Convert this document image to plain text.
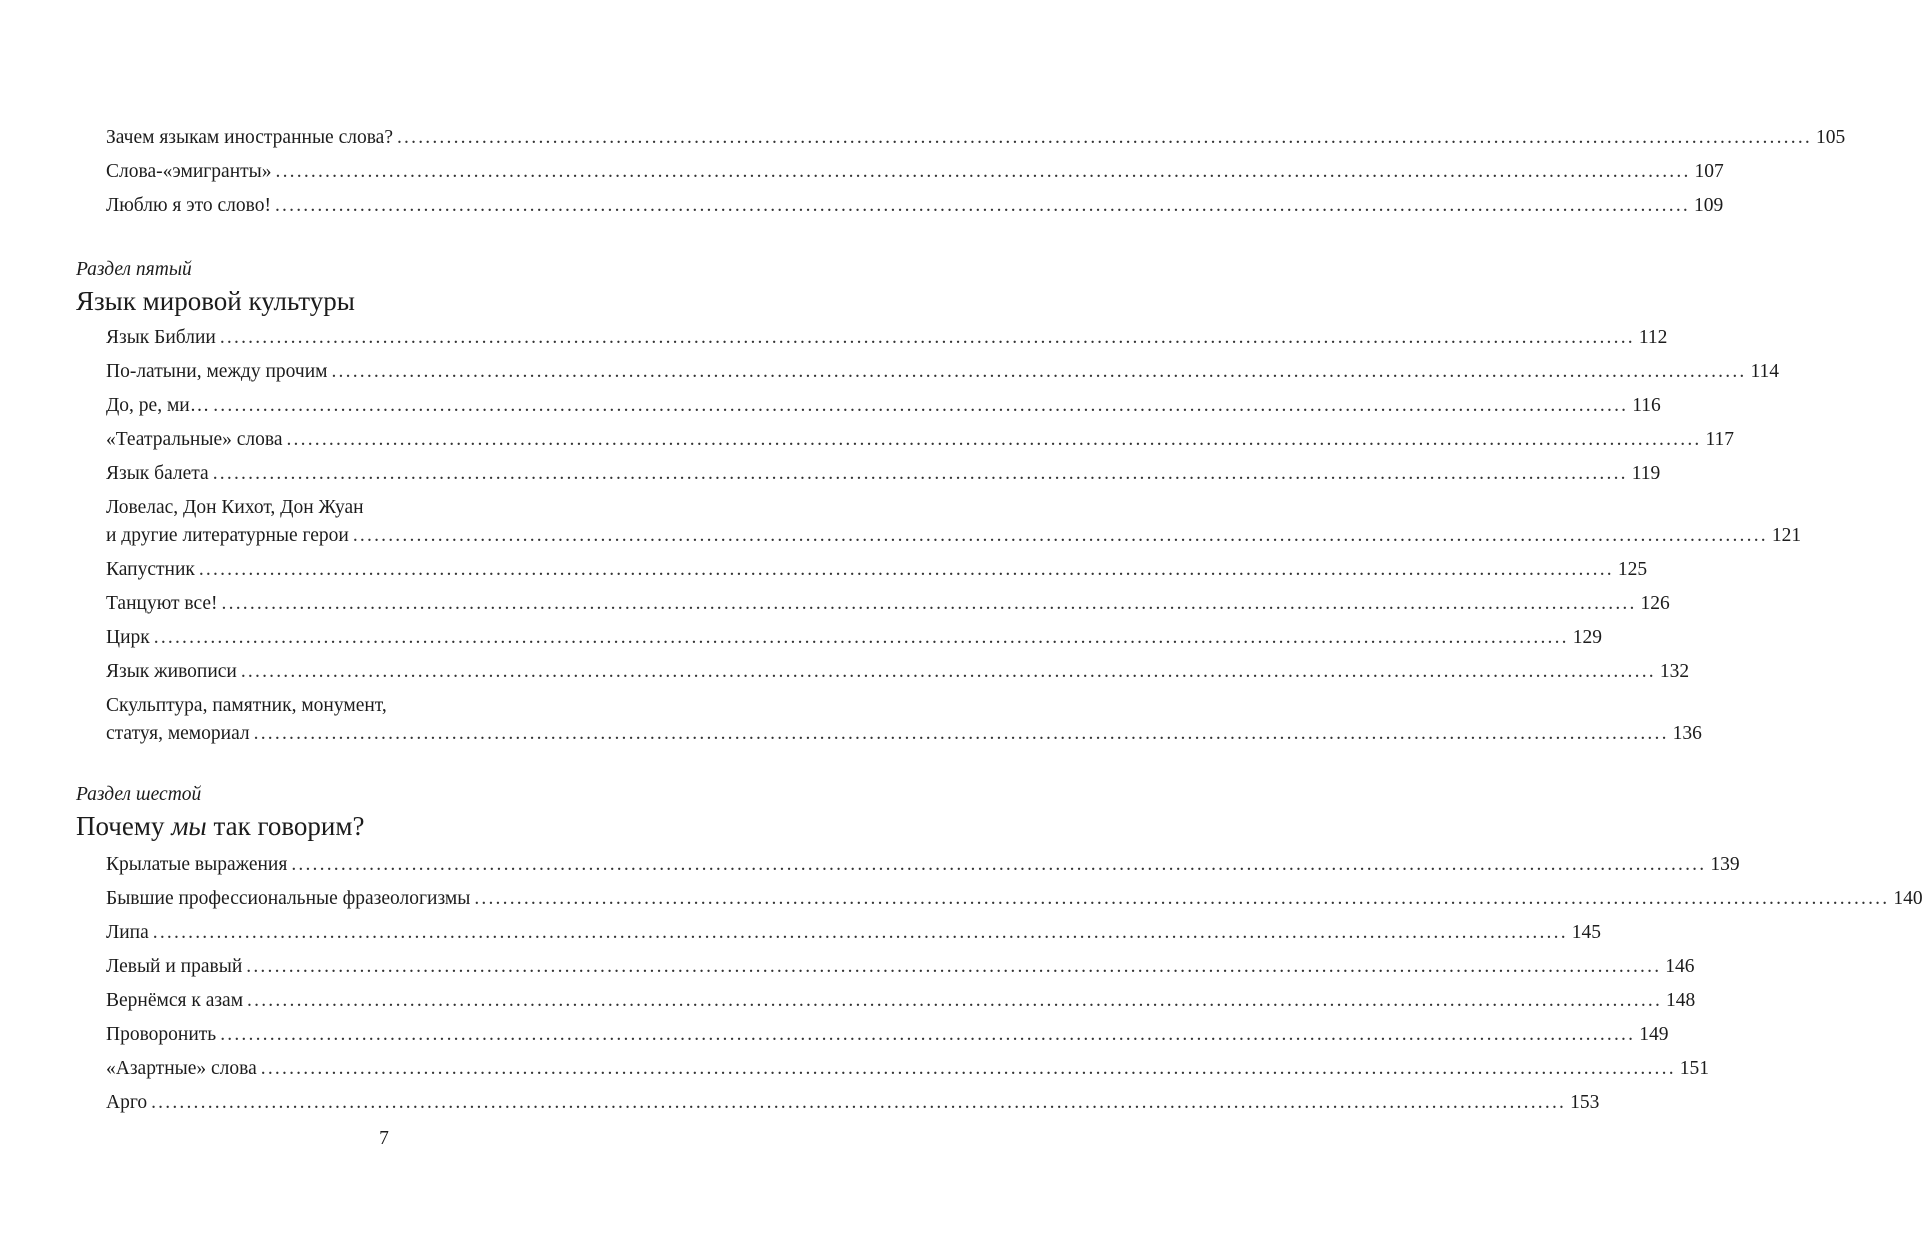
Зачем языкам иностранные слова? ........................................................................................................................................................................................................ 105
Слова-«эмигранты» ........................................................................................................................................................................................................ 107
Люблю я это слово! ........................................................................................................................................................................................................ 109
Раздел пятый
Язык мировой культуры
Язык Библии ........................................................................................................................................................................................................ 112
По-латыни, между прочим ........................................................................................................................................................................................................ 114
До, ре, ми… ........................................................................................................................................................................................................ 116
«Театральные» слова ........................................................................................................................................................................................................ 117
Язык балета ........................................................................................................................................................................................................ 119
Ловелас, Дон Кихот, Дон Жуан
и другие литературные герои ........................................................................................................................................................................................................ 121
Капустник ........................................................................................................................................................................................................ 125
Танцуют все! ........................................................................................................................................................................................................ 126
Цирк ........................................................................................................................................................................................................ 129
Язык живописи ........................................................................................................................................................................................................ 132
Скульптура, памятник, монумент,
статуя, мемориал ........................................................................................................................................................................................................ 136
Раздел шестой
Почему мы так говорим?
Крылатые выражения ........................................................................................................................................................................................................ 139
Бывшие профессиональные фразеологизмы ........................................................................................................................................................................................................ 140
Липа ........................................................................................................................................................................................................ 145
Левый и правый ........................................................................................................................................................................................................ 146
Вернёмся к азам ........................................................................................................................................................................................................ 148
Проворонить ........................................................................................................................................................................................................ 149
«Азартные» слова ........................................................................................................................................................................................................ 151
Арго ........................................................................................................................................................................................................ 153
7
